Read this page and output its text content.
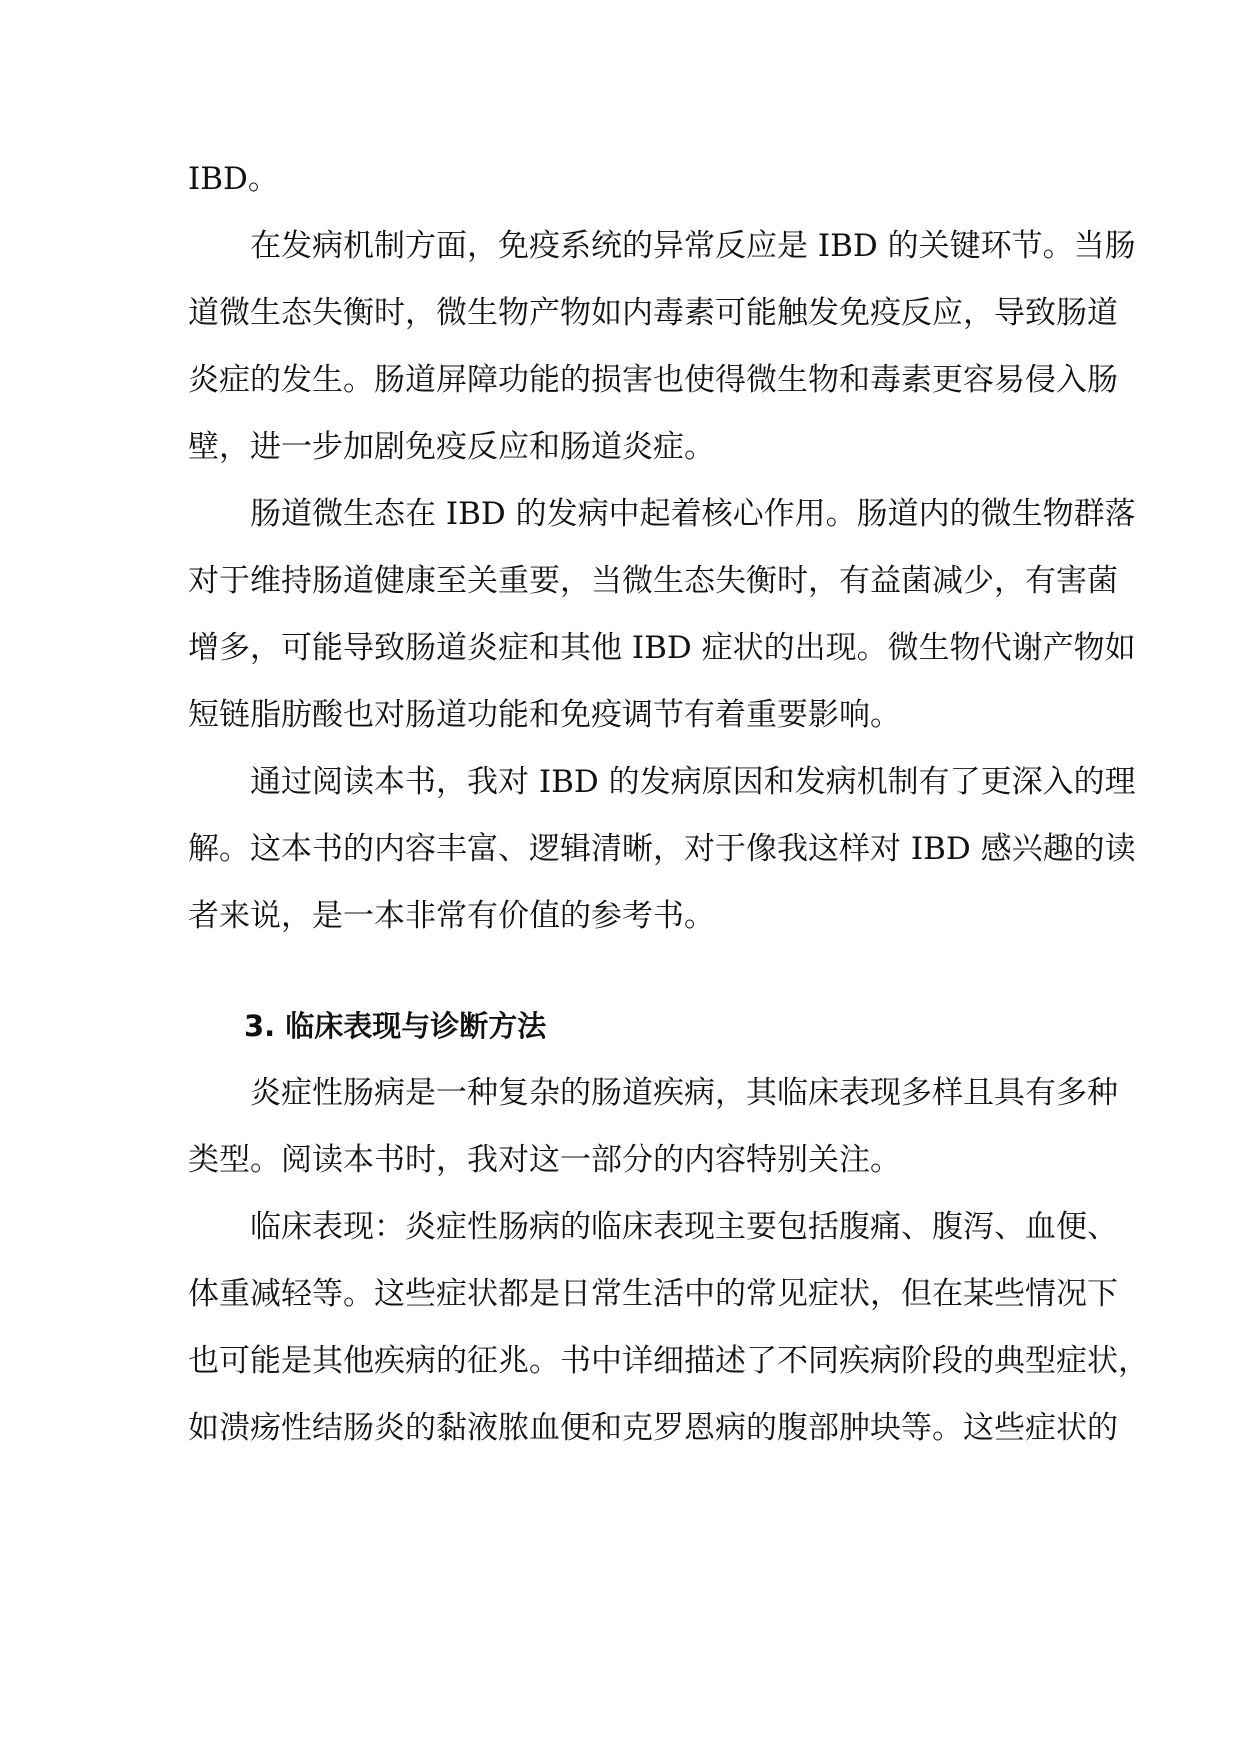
IBD。
在发病机制方面，免疫系统的异常反应是 IBD 的关键环节。当肠
道微生态失衡时，微生物产物如内毒素可能触发免疫反应，导致肠道
炎症的发生。肠道屏障功能的损害也使得微生物和毒素更容易侵入肠
壁，进一步加剧免疫反应和肠道炎症。
肠道微生态在 IBD 的发病中起着核心作用。肠道内的微生物群落
对于维持肠道健康至关重要，当微生态失衡时，有益菌减少，有害菌
增多，可能导致肠道炎症和其他 IBD 症状的出现。微生物代谢产物如
短链脂肪酸也对肠道功能和免疫调节有着重要影响。
通过阅读本书，我对 IBD 的发病原因和发病机制有了更深入的理
解。这本书的内容丰富、逻辑清晰，对于像我这样对 IBD 感兴趣的读
者来说，是一本非常有价值的参考书。
3. 临床表现与诊断方法
炎症性肠病是一种复杂的肠道疾病，其临床表现多样且具有多种
类型。阅读本书时，我对这一部分的内容特别关注。
临床表现：炎症性肠病的临床表现主要包括腹痛、腹泻、血便、
体重减轻等。这些症状都是日常生活中的常见症状，但在某些情况下
也可能是其他疾病的征兆。书中详细描述了不同疾病阶段的典型症状，
如溃疡性结肠炎的黏液脓血便和克罗恩病的腹部肿块等。这些症状的
